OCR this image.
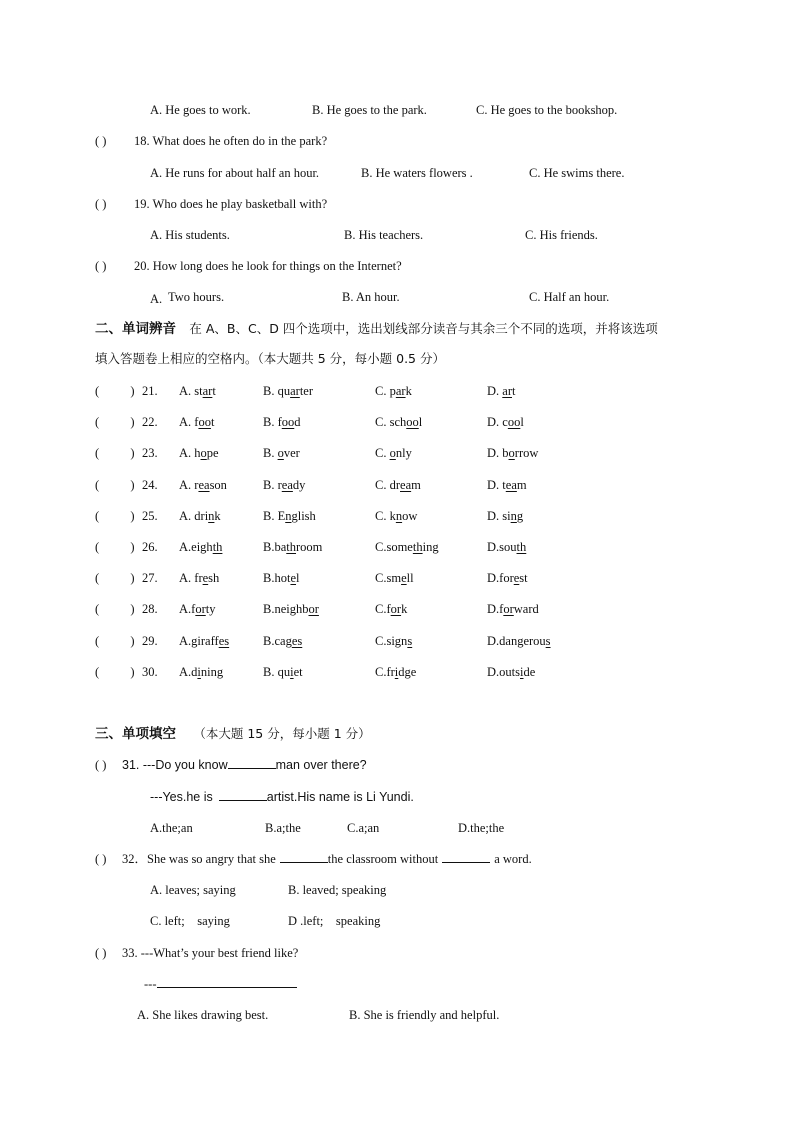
A. He goes to work.	B. He goes to the park.	C. He goes to the bookshop.
( ) 18. What does he often do in the park?
A. He runs for about half an hour.	B. He waters flowers .	C. He swims there.
( ) 19. Who does he play basketball with?
A. His students.	B. His teachers.	C. His friends.
( ) 20. How long does he look for things on the Internet?
A. Two hours.	B. An hour.	C. Half an hour.
二、单词辨音 在 A、B、C、D 四个选项中，选出划线部分读音与其余三个不同的选项，并将该选项
填入答题卷上相应的空格内。（本大题共 5 分，每小题 0.5 分）
(          ) 21. A. start	B. quarter	C. park	D. art
(          ) 22. A. foot	B. food	C. school	D. cool
(          ) 23. A. hope	B. over	C. only	D. borrow
(          ) 24. A. reason	B. ready	C. dream	D. team
(          ) 25. A. drink	B. English	C. know	D. sing
(          ) 26. A.eighth	B.bathroom	C.something	D.south
(          ) 27. A. fresh	B.hotel	C.smell	D.forest
(          ) 28. A.forty	B.neighbor	C.fork	D.forward
(          ) 29. A.giraffes	B.cages	C.signs	D.dangerous
(          ) 30. A.dining	B. quiet	C.fridge	D.outside
三、单项填空 （本大题 15 分，每小题 1 分）
( ) 31. ---Do you know	man over there?
---Yes.he is	artist.His name is Li Yundi.
A.the;an	B.a;the	C.a;an	D.the;the
( ) 32．She was so angry that she	the classroom without	a word.
A. leaves; saying	B. leaved; speaking
C. left;    saying	D .left;    speaking
( ) 33. ---What’s your best friend like?
---
A. She likes drawing best.	B. She is friendly and helpful.
